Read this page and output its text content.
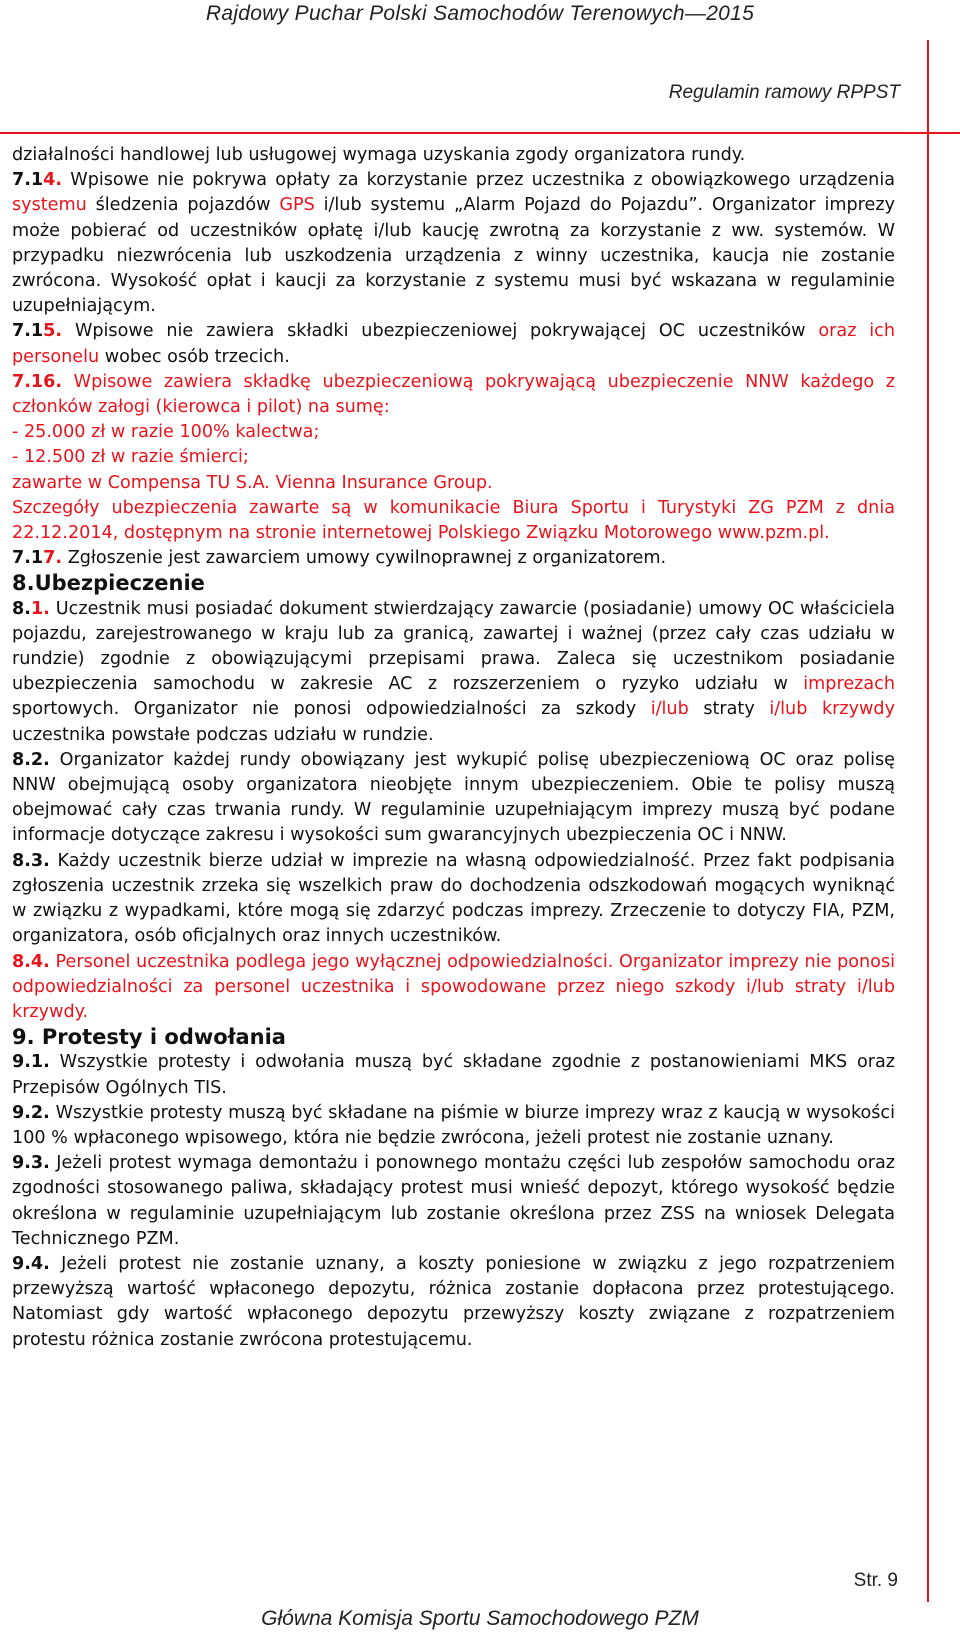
Rajdowy Puchar Polski Samochodów Terenowych—2015
Regulamin ramowy RPPST

działalności handlowej lub usługowej wymaga uzyskania zgody organizatora rundy.

7.14. Wpisowe nie pokrywa opłaty za korzystanie przez uczestnika z obowiązkowego urządzenia systemu śledzenia pojazdów GPS i/lub systemu „Alarm Pojazd do Pojazdu”. Organizator imprezy może pobierać od uczestników opłatę i/lub kaucję zwrotną za korzystanie z ww. systemów. W przypadku niezwrócenia lub uszkodzenia urządzenia z winny uczestnika, kaucja nie zostanie zwrócona. Wysokość opłat i kaucji za korzystanie z systemu musi być wskazana w regulaminie uzupełniającym.

7.15. Wpisowe nie zawiera składki ubezpieczeniowej pokrywającej OC uczestników oraz ich personelu wobec osób trzecich.

7.16. Wpisowe zawiera składkę ubezpieczeniową pokrywającą ubezpieczenie NNW każdego z członków załogi (kierowca i pilot) na sumę:

- 25.000 zł w razie 100% kalectwa;

- 12.500 zł w razie śmierci;

zawarte w Compensa TU S.A. Vienna Insurance Group.

Szczegóły ubezpieczenia zawarte są w komunikacie Biura Sportu i Turystyki ZG PZM z dnia 22.12.2014, dostępnym na stronie internetowej Polskiego Związku Motorowego www.pzm.pl.

7.17. Zgłoszenie jest zawarciem umowy cywilnoprawnej z organizatorem.

8.Ubezpieczenie

8.1. Uczestnik musi posiadać dokument stwierdzający zawarcie (posiadanie) umowy OC właściciela pojazdu, zarejestrowanego w kraju lub za granicą, zawartej i ważnej (przez cały czas udziału w rundzie) zgodnie z obowiązującymi przepisami prawa. Zaleca się uczestnikom posiadanie ubezpieczenia samochodu w zakresie AC z rozszerzeniem o ryzyko udziału w imprezach sportowych. Organizator nie ponosi odpowiedzialności za szkody i/lub straty i/lub krzywdy uczestnika powstałe podczas udziału w rundzie.

8.2. Organizator każdej rundy obowiązany jest wykupić polisę ubezpieczeniową OC oraz polisę NNW obejmującą osoby organizatora nieobjęte innym ubezpieczeniem. Obie te polisy muszą obejmować cały czas trwania rundy. W regulaminie uzupełniającym imprezy muszą być podane informacje dotyczące zakresu i wysokości sum gwarancyjnych ubezpieczenia OC i NNW.

8.3. Każdy uczestnik bierze udział w imprezie na własną odpowiedzialność. Przez fakt podpisania zgłoszenia uczestnik zrzeka się wszelkich praw do dochodzenia odszkodowań mogących wyniknąć w związku z wypadkami, które mogą się zdarzyć podczas imprezy. Zrzeczenie to dotyczy FIA, PZM, organizatora, osób oficjalnych oraz innych uczestników.

8.4. Personel uczestnika podlega jego wyłącznej odpowiedzialności. Organizator imprezy nie ponosi odpowiedzialności za personel uczestnika i spowodowane przez niego szkody i/lub straty i/lub krzywdy.

9. Protesty i odwołania

9.1. Wszystkie protesty i odwołania muszą być składane zgodnie z postanowieniami MKS oraz Przepisów Ogólnych TIS.

9.2. Wszystkie protesty muszą być składane na piśmie w biurze imprezy wraz z kaucją w wysokości 100 % wpłaconego wpisowego, która nie będzie zwrócona, jeżeli protest nie zostanie uznany.

9.3. Jeżeli protest wymaga demontażu i ponownego montażu części lub zespołów samochodu oraz zgodności stosowanego paliwa, składający protest musi wnieść depozyt, którego wysokość będzie określona w regulaminie uzupełniającym lub zostanie określona przez ZSS na wniosek Delegata Technicznego PZM.

9.4. Jeżeli protest nie zostanie uznany, a koszty poniesione w związku z jego rozpatrzeniem przewyższą wartość wpłaconego depozytu, różnica zostanie dopłacona przez protestującego. Natomiast gdy wartość wpłaconego depozytu przewyższy koszty związane z rozpatrzeniem protestu różnica zostanie zwrócona protestującemu.

Str. 9
Główna Komisja Sportu Samochodowego PZM
